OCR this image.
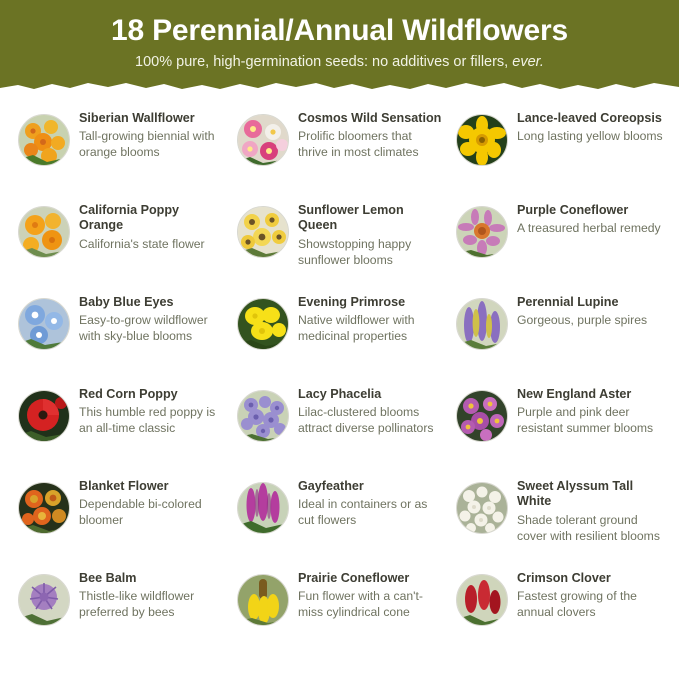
18 Perennial/Annual Wildflowers

100% pure, high-germination seeds: no additives or fillers, ever.

Siberian Wallflower

Tall-growing biennial with orange blooms

Cosmos Wild Sensation

Prolific bloomers that thrive in most climates

Lance-leaved Coreopsis

Long lasting yellow blooms

California Poppy Orange

California's state flower

Sunflower Lemon Queen

Showstopping happy sunflower blooms

Purple Coneflower

A treasured herbal remedy

Baby Blue Eyes

Easy-to-grow wildflower with sky-blue blooms

Evening Primrose

Native wildflower with medicinal properties

Perennial Lupine

Gorgeous, purple spires

Red Corn Poppy

This humble red poppy is an all-time classic

Lacy Phacelia

Lilac-clustered blooms attract diverse pollinators

New England Aster

Purple and pink deer resistant summer blooms

Blanket Flower

Dependable bi-colored bloomer

Gayfeather

Ideal in containers or as cut flowers

Sweet Alyssum Tall White

Shade tolerant ground cover with resilient blooms

Bee Balm

Thistle-like wildflower preferred by bees

Prairie Coneflower

Fun flower with a can't-miss cylindrical cone

Crimson Clover

Fastest growing of the annual clovers
